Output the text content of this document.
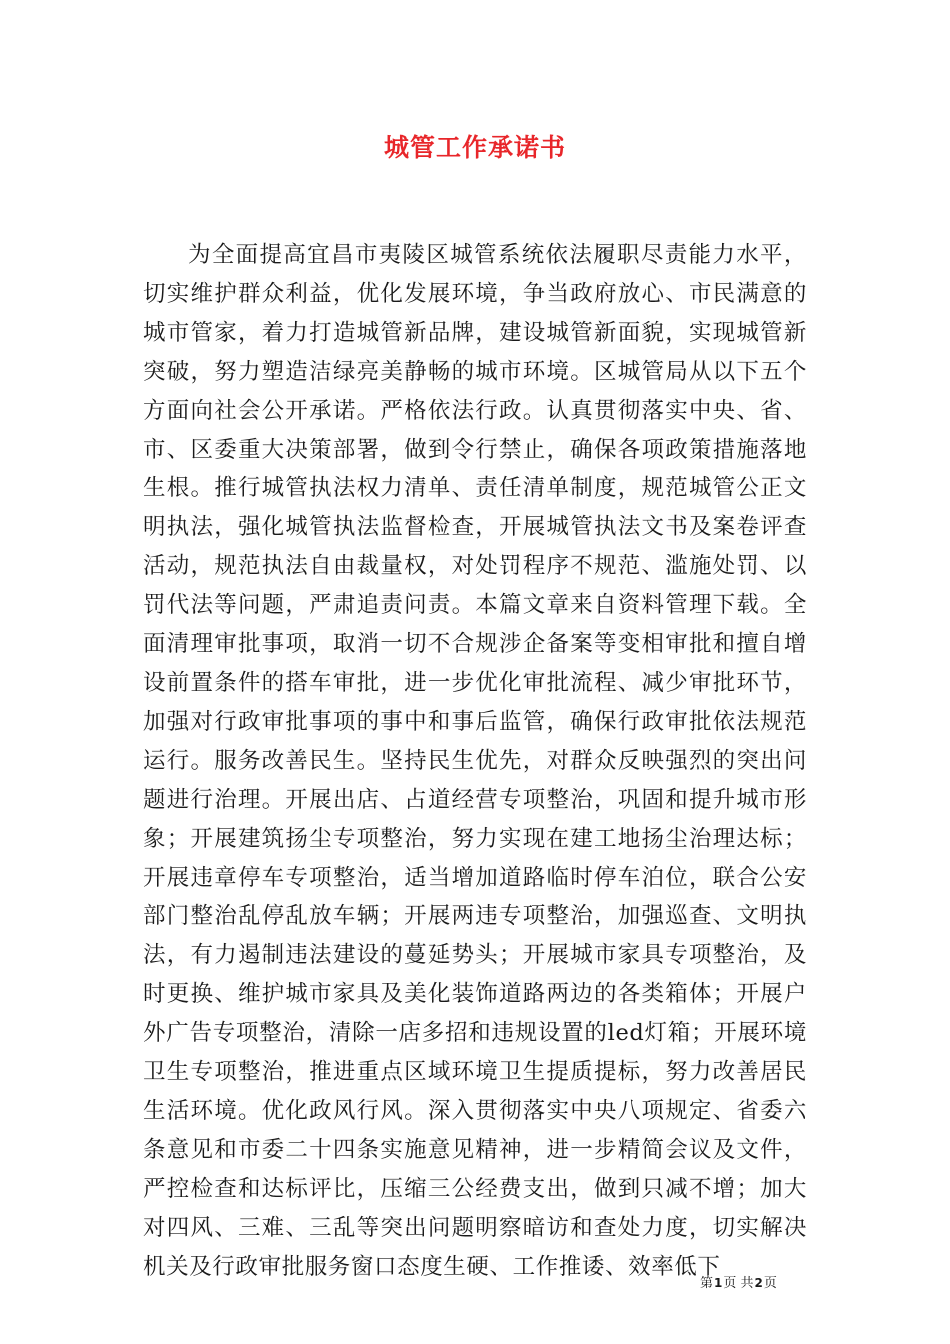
城管工作承诺书

为全面提高宜昌市夷陵区城管系统依法履职尽责能力水平，切实维护群众利益，优化发展环境，争当政府放心、市民满意的城市管家，着力打造城管新品牌，建设城管新面貌，实现城管新突破，努力塑造洁绿亮美静畅的城市环境。区城管局从以下五个方面向社会公开承诺。严格依法行政。认真贯彻落实中央、省、市、区委重大决策部署，做到令行禁止，确保各项政策措施落地生根。推行城管执法权力清单、责任清单制度，规范城管公正文明执法，强化城管执法监督检查，开展城管执法文书及案卷评查活动，规范执法自由裁量权，对处罚程序不规范、滥施处罚、以罚代法等问题，严肃追责问责。本篇文章来自资料管理下载。全面清理审批事项，取消一切不合规涉企备案等变相审批和擅自增设前置条件的搭车审批，进一步优化审批流程、减少审批环节，加强对行政审批事项的事中和事后监管，确保行政审批依法规范运行。服务改善民生。坚持民生优先，对群众反映强烈的突出问题进行治理。开展出店、占道经营专项整治，巩固和提升城市形象；开展建筑扬尘专项整治，努力实现在建工地扬尘治理达标；开展违章停车专项整治，适当增加道路临时停车泊位，联合公安部门整治乱停乱放车辆；开展两违专项整治，加强巡查、文明执法，有力遏制违法建设的蔓延势头；开展城市家具专项整治，及时更换、维护城市家具及美化装饰道路两边的各类箱体；开展户外广告专项整治，清除一店多招和违规设置的led灯箱；开展环境卫生专项整治，推进重点区域环境卫生提质提标，努力改善居民生活环境。优化政风行风。深入贯彻落实中央八项规定、省委六条意见和市委二十四条实施意见精神，进一步精简会议及文件，严控检查和达标评比，压缩三公经费支出，做到只减不增；加大对四风、三难、三乱等突出问题明察暗访和查处力度，切实解决机关及行政审批服务窗口态度生硬、工作推诿、效率低下

第1页 共2页
